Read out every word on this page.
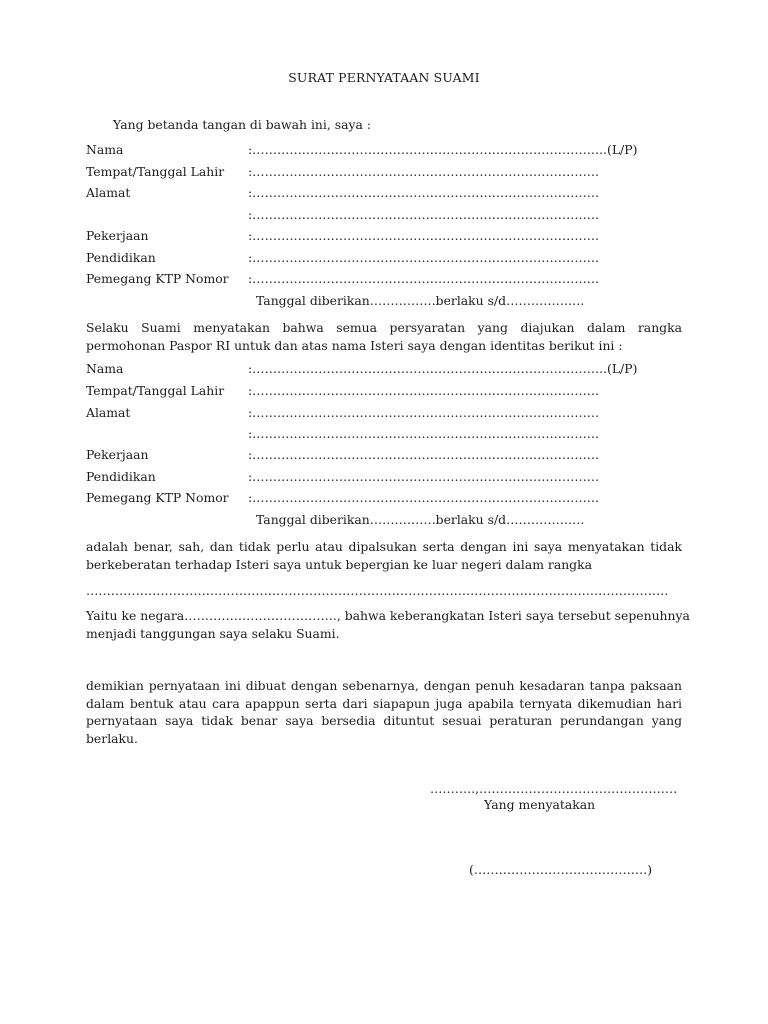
SURAT PERNYATAAN SUAMI
Yang betanda tangan di bawah ini, saya :
Nama	:…………………………………………………………………………..(L/P)
Tempat/Tanggal Lahir :…………………………………………………………………………
Alamat	:…………………………………………………………………………
:…………………………………………………………………………
Pekerjaan	:…………………………………………………………………………
Pendidikan	:…………………………………………………………………………
Pemegang KTP Nomor :…………………………………………………………………………
Tanggal diberikan…………….berlaku s/d……………….
Selaku Suami menyatakan bahwa semua persyaratan yang diajukan dalam rangka
permohonan Paspor RI untuk dan atas nama Isteri saya dengan identitas berikut ini :
Nama	:…………………………………………………………………………..(L/P)
Tempat/Tanggal Lahir :…………………………………………………………………………
Alamat	:…………………………………………………………………………
:…………………………………………………………………………
Pekerjaan	:…………………………………………………………………………
Pendidikan	:…………………………………………………………………………
Pemegang KTP Nomor :…………………………………………………………………………
Tanggal diberikan…………….berlaku s/d……………….
adalah benar, sah, dan tidak perlu atau dipalsukan serta dengan ini saya menyatakan tidak
berkeberatan terhadap Isteri saya untuk bepergian ke luar negeri dalam rangka
……………………………………………………………………………………………………………………………
Yaitu ke negara………………………………., bahwa keberangkatan Isteri saya tersebut sepenuhnya
menjadi tanggungan saya selaku Suami.
demikian pernyataan ini dibuat dengan sebenarnya, dengan penuh kesadaran tanpa paksaan
dalam bentuk atau cara apappun serta dari siapapun juga apabila ternyata dikemudian hari
pernyataan saya tidak benar saya bersedia dituntut sesuai peraturan perundangan yang
berlaku.
………..,…………………………………………
Yang menyatakan
(……………………………………)
